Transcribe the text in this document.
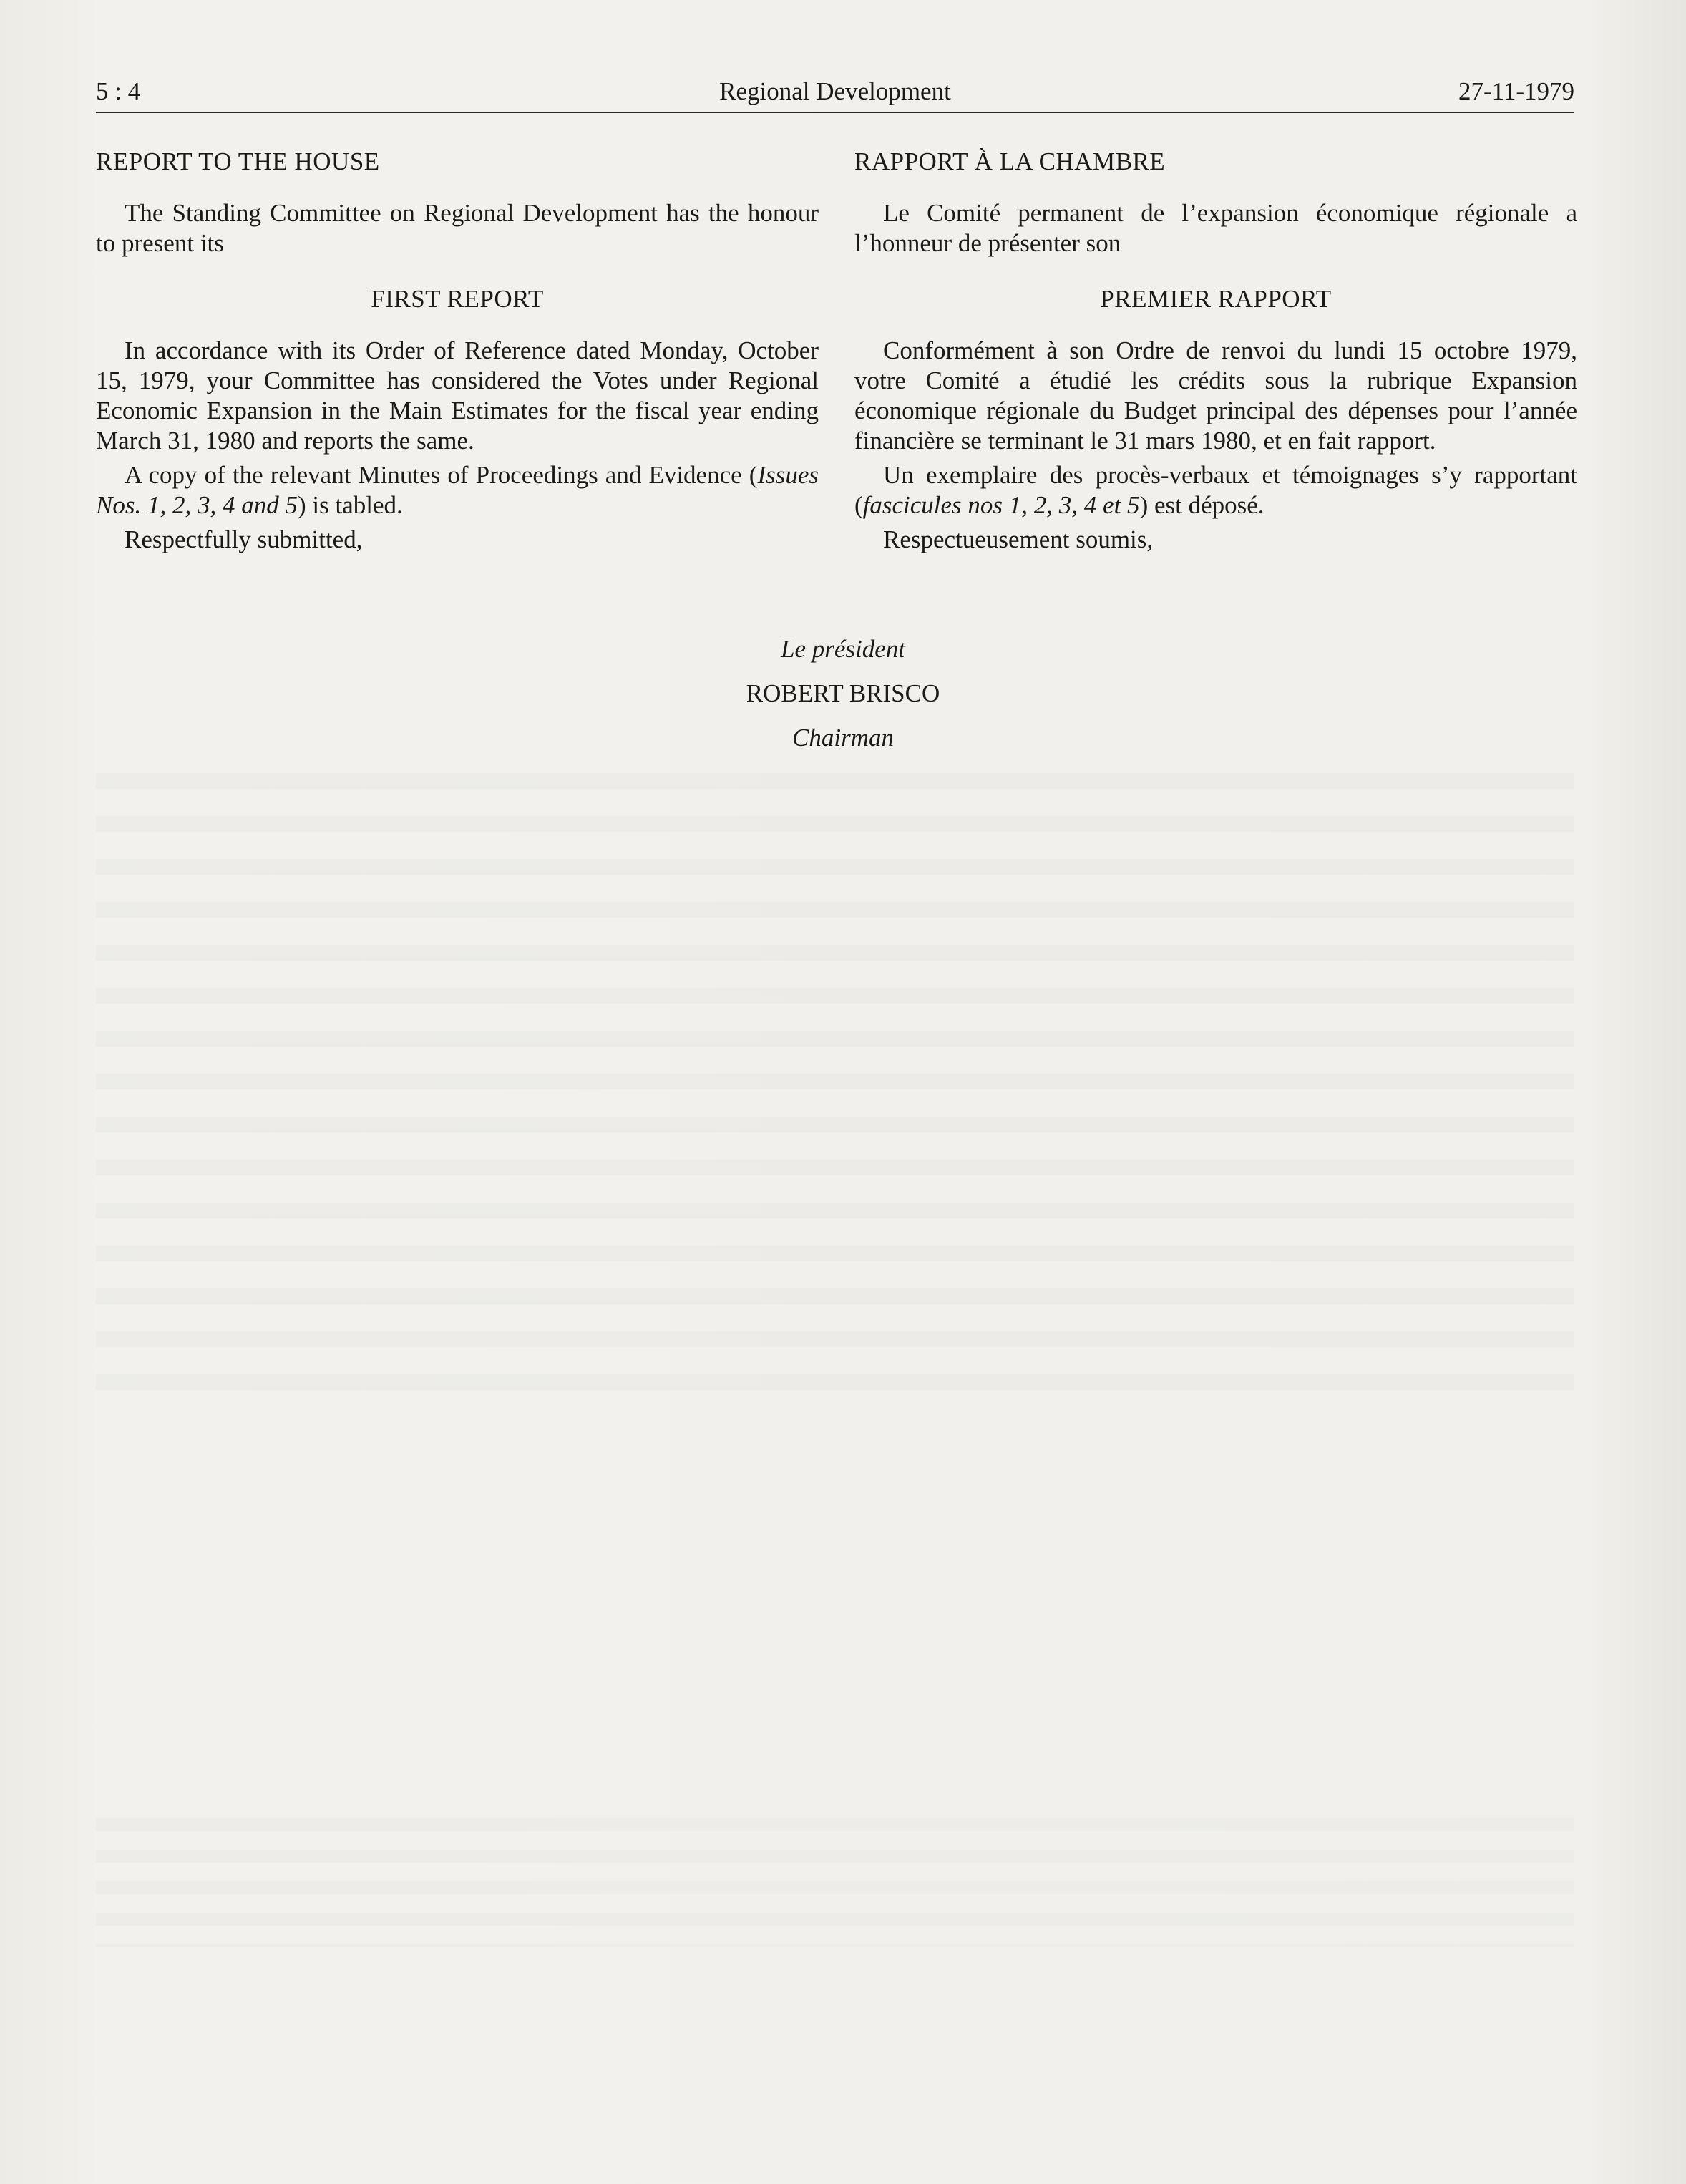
5 : 4	Regional Development	27-11-1979
REPORT TO THE HOUSE

The Standing Committee on Regional Development has the honour to present its

FIRST REPORT

In accordance with its Order of Reference dated Monday, October 15, 1979, your Committee has considered the Votes under Regional Economic Expansion in the Main Estimates for the fiscal year ending March 31, 1980 and reports the same.

A copy of the relevant Minutes of Proceedings and Evidence (Issues Nos. 1, 2, 3, 4 and 5) is tabled.

Respectfully submitted,

RAPPORT À LA CHAMBRE

Le Comité permanent de l’expansion économique régionale a l’honneur de présenter son

PREMIER RAPPORT

Conformément à son Ordre de renvoi du lundi 15 octobre 1979, votre Comité a étudié les crédits sous la rubrique Expansion économique régionale du Budget principal des dépenses pour l’année financière se terminant le 31 mars 1980, et en fait rapport.

Un exemplaire des procès-verbaux et témoignages s’y rapportant (fascicules nos 1, 2, 3, 4 et 5) est déposé.

Respectueusement soumis,

Le président
ROBERT BRISCO
Chairman
